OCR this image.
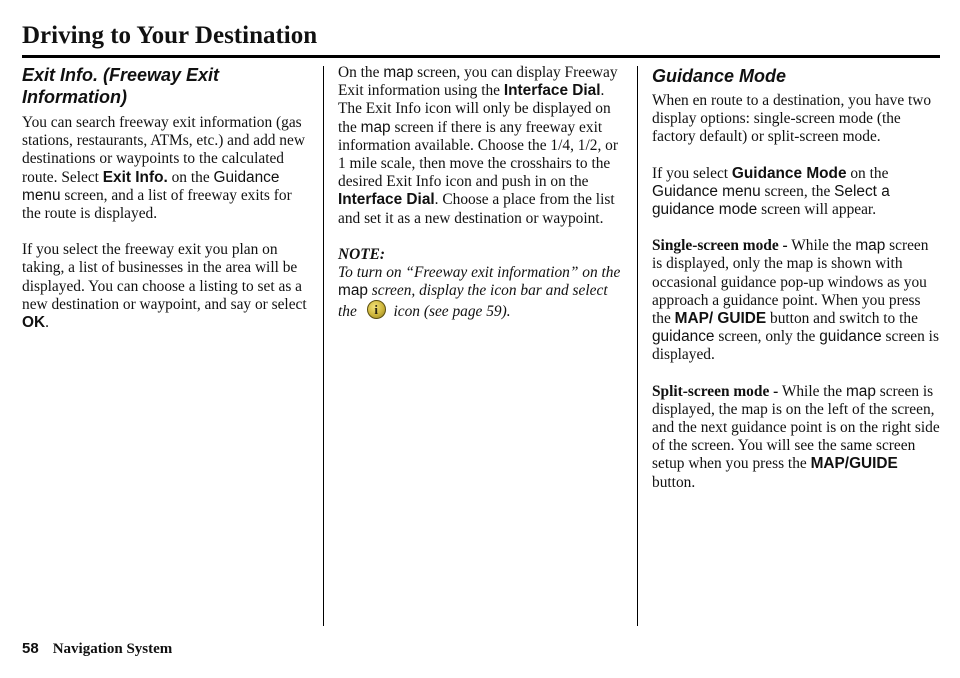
Driving to Your Destination
Exit Info. (Freeway Exit Information)

You can search freeway exit information (gas stations, restaurants, ATMs, etc.) and add new destinations or waypoints to the calculated route. Select Exit Info. on the Guidance menu screen, and a list of freeway exits for the route is displayed.

If you select the freeway exit you plan on taking, a list of businesses in the area will be displayed. You can choose a listing to set as a new destination or waypoint, and say or select OK.

On the map screen, you can display Freeway Exit information using the Interface Dial. The Exit Info icon will only be displayed on the map screen if there is any freeway exit information available. Choose the 1/4, 1/2, or 1 mile scale, then move the crosshairs to the desired Exit Info icon and push in on the Interface Dial. Choose a place from the list and set it as a new destination or waypoint.

NOTE:

To turn on “Freeway exit information” on the map screen, display the icon bar and select the i icon (see page 59).

Guidance Mode

When en route to a destination, you have two display options: single-screen mode (the factory default) or split-screen mode.

If you select Guidance Mode on the Guidance menu screen, the Select a guidance mode screen will appear.

Single-screen mode - While the map screen is displayed, only the map is shown with occasional guidance pop-up windows as you approach a guidance point. When you press the MAP/ GUIDE button and switch to the guidance screen, only the guidance screen is displayed.

Split-screen mode - While the map screen is displayed, the map is on the left of the screen, and the next guidance point is on the right side of the screen. You will see the same screen setup when you press the MAP/GUIDE button.

58 Navigation System
